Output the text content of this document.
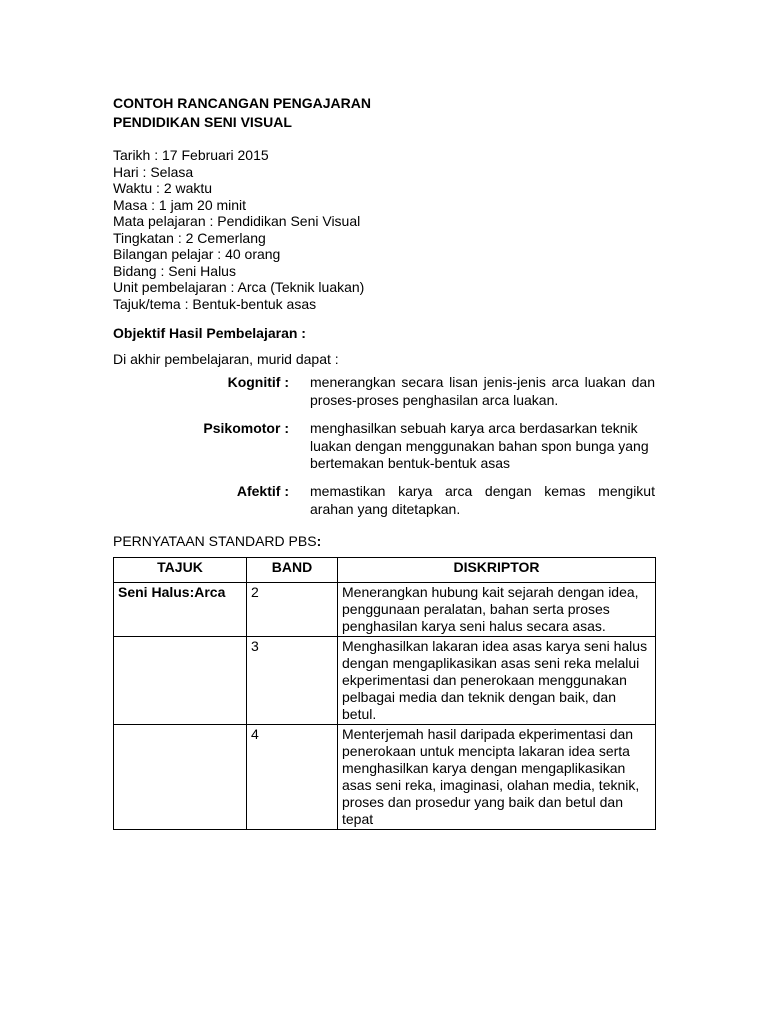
CONTOH RANCANGAN PENGAJARAN
PENDIDIKAN SENI VISUAL
Tarikh : 17 Februari 2015
Hari : Selasa
Waktu : 2 waktu
Masa : 1 jam 20 minit
Mata pelajaran : Pendidikan Seni Visual
Tingkatan : 2 Cemerlang
Bilangan pelajar : 40 orang
Bidang : Seni Halus
Unit pembelajaran : Arca (Teknik luakan)
Tajuk/tema : Bentuk-bentuk asas
Objektif Hasil Pembelajaran :
Di akhir pembelajaran, murid dapat :
Kognitif : menerangkan secara lisan jenis-jenis arca luakan dan proses-proses penghasilan arca luakan.
Psikomotor : menghasilkan sebuah karya arca berdasarkan teknik luakan dengan menggunakan bahan spon bunga yang bertemakan bentuk-bentuk asas
Afektif : memastikan karya arca dengan kemas mengikut arahan yang ditetapkan.
PERNYATAAN STANDARD PBS:
TAJUK	BAND	DISKRIPTOR
Seni Halus:Arca	2	Menerangkan hubung kait sejarah dengan idea, penggunaan peralatan, bahan serta proses penghasilan karya seni halus secara asas.
	3	Menghasilkan lakaran idea asas karya seni halus dengan mengaplikasikan asas seni reka melalui ekperimentasi dan penerokaan menggunakan pelbagai media dan teknik dengan baik, dan betul.
	4	Menterjemah hasil daripada ekperimentasi dan penerokaan untuk mencipta lakaran idea serta menghasilkan karya dengan mengaplikasikan asas seni reka, imaginasi, olahan media, teknik, proses dan prosedur yang baik dan betul dan tepat
